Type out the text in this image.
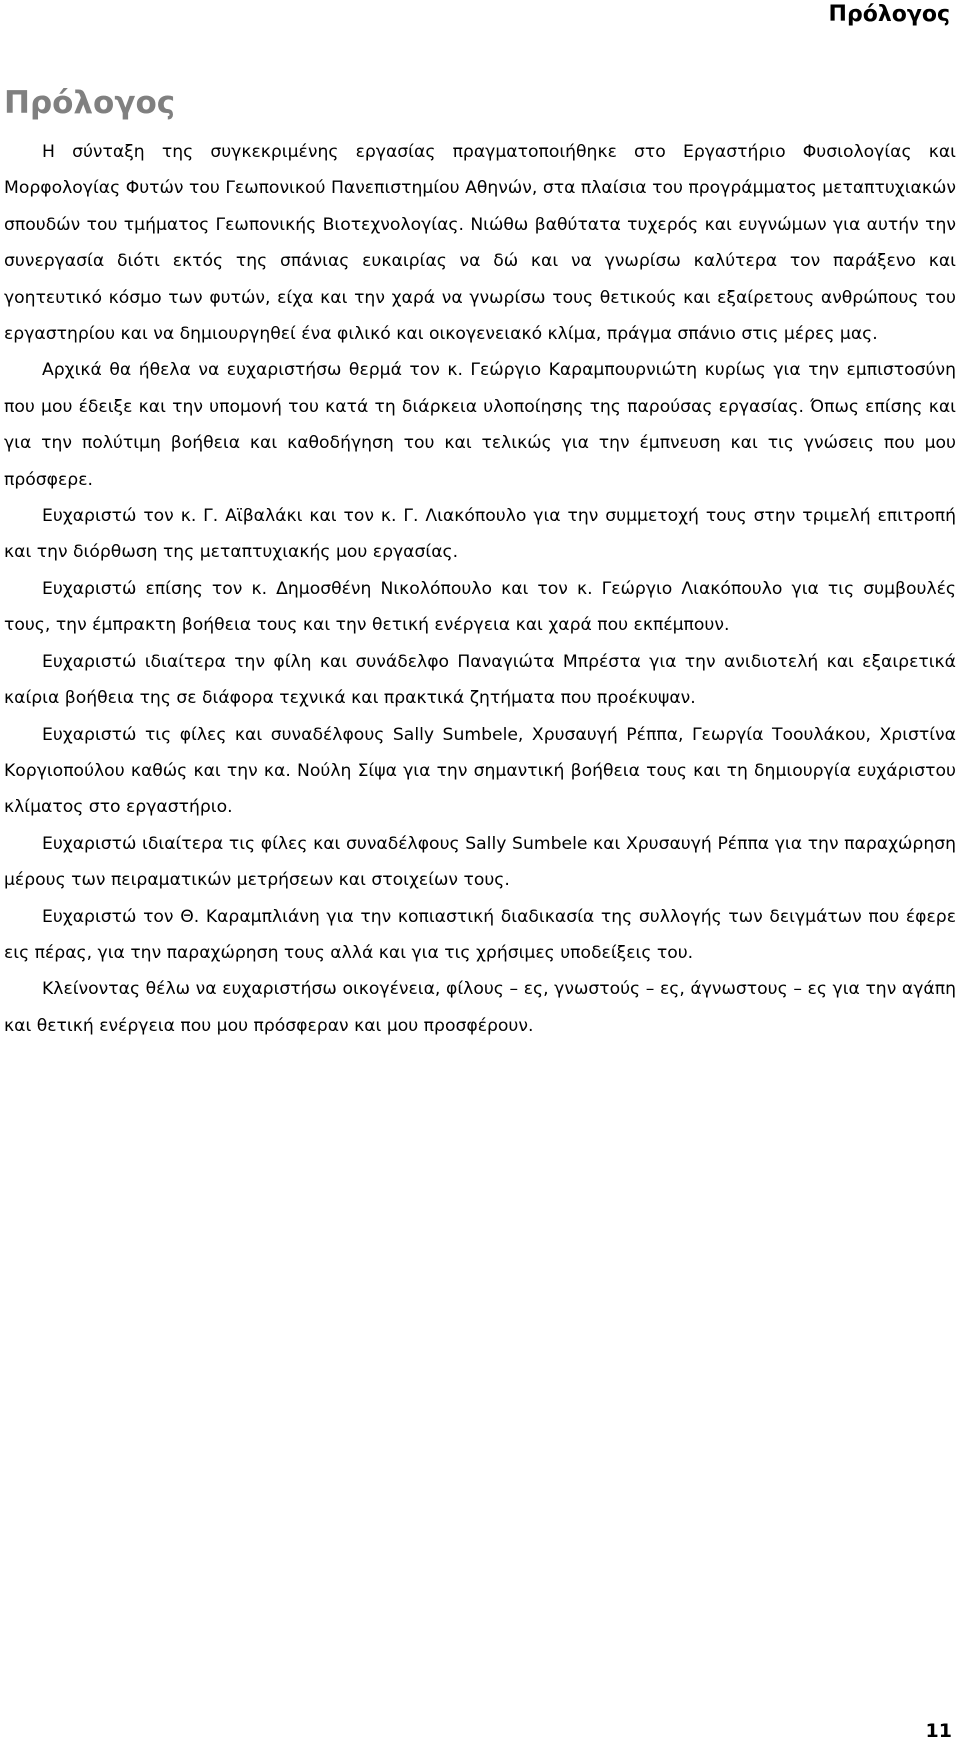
Πρόλογος
Πρόλογος

Η σύνταξη της συγκεκριμένης εργασίας πραγματοποιήθηκε στο Εργαστήριο Φυσιολογίας και Μορφολογίας Φυτών του Γεωπονικού Πανεπιστημίου Αθηνών, στα πλαίσια του προγράμματος μεταπτυχιακών σπουδών του τμήματος Γεωπονικής Βιοτεχνολογίας. Νιώθω βαθύτατα τυχερός και ευγνώμων για αυτήν την συνεργασία διότι εκτός της σπάνιας ευκαιρίας να δώ και να γνωρίσω καλύτερα τον παράξενο και γοητευτικό κόσμο των φυτών, είχα και την χαρά να γνωρίσω τους θετικούς και εξαίρετους ανθρώπους του εργαστηρίου και να δημιουργηθεί ένα φιλικό και οικογενειακό κλίμα, πράγμα σπάνιο στις μέρες μας.

Αρχικά θα ήθελα να ευχαριστήσω θερμά τον κ. Γεώργιο Καραμπουρνιώτη κυρίως για την εμπιστοσύνη που μου έδειξε και την υπομονή του κατά τη διάρκεια υλοποίησης της παρούσας εργασίας. Όπως επίσης και για την πολύτιμη βοήθεια και καθοδήγηση του και τελικώς για την έμπνευση και τις γνώσεις που μου πρόσφερε.

Ευχαριστώ τον κ. Γ. Αϊβαλάκι και τον κ. Γ. Λιακόπουλο για την συμμετοχή τους στην τριμελή επιτροπή και την διόρθωση της μεταπτυχιακής μου εργασίας.

Ευχαριστώ επίσης τον κ. Δημοσθένη Νικολόπουλο και τον κ. Γεώργιο Λιακόπουλο για τις συμβουλές τους, την έμπρακτη βοήθεια τους και την θετική ενέργεια και χαρά που εκπέμπουν.

Ευχαριστώ ιδιαίτερα την φίλη και συνάδελφο Παναγιώτα Μπρέστα για την ανιδιοτελή και εξαιρετικά καίρια βοήθεια της σε διάφορα τεχνικά και πρακτικά ζητήματα που προέκυψαν.

Ευχαριστώ τις φίλες και συναδέλφους Sally Sumbele, Χρυσαυγή Ρέππα, Γεωργία Τοουλάκου, Χριστίνα Κοργιοπούλου καθώς και την κα. Νούλη Σίψα για την σημαντική βοήθεια τους και τη δημιουργία ευχάριστου κλίματος στο εργαστήριο.

Ευχαριστώ ιδιαίτερα τις φίλες και συναδέλφους Sally Sumbele και Χρυσαυγή Ρέππα για την παραχώρηση μέρους των πειραματικών μετρήσεων και στοιχείων τους.

Ευχαριστώ τον Θ. Καραμπλιάνη για την κοπιαστική διαδικασία της συλλογής των δειγμάτων που έφερε εις πέρας, για την παραχώρηση τους αλλά και για τις χρήσιμες υποδείξεις του.

Κλείνοντας θέλω να ευχαριστήσω οικογένεια, φίλους – ες, γνωστούς – ες, άγνωστους – ες για την αγάπη και θετική ενέργεια που μου πρόσφεραν και μου προσφέρουν.

11
